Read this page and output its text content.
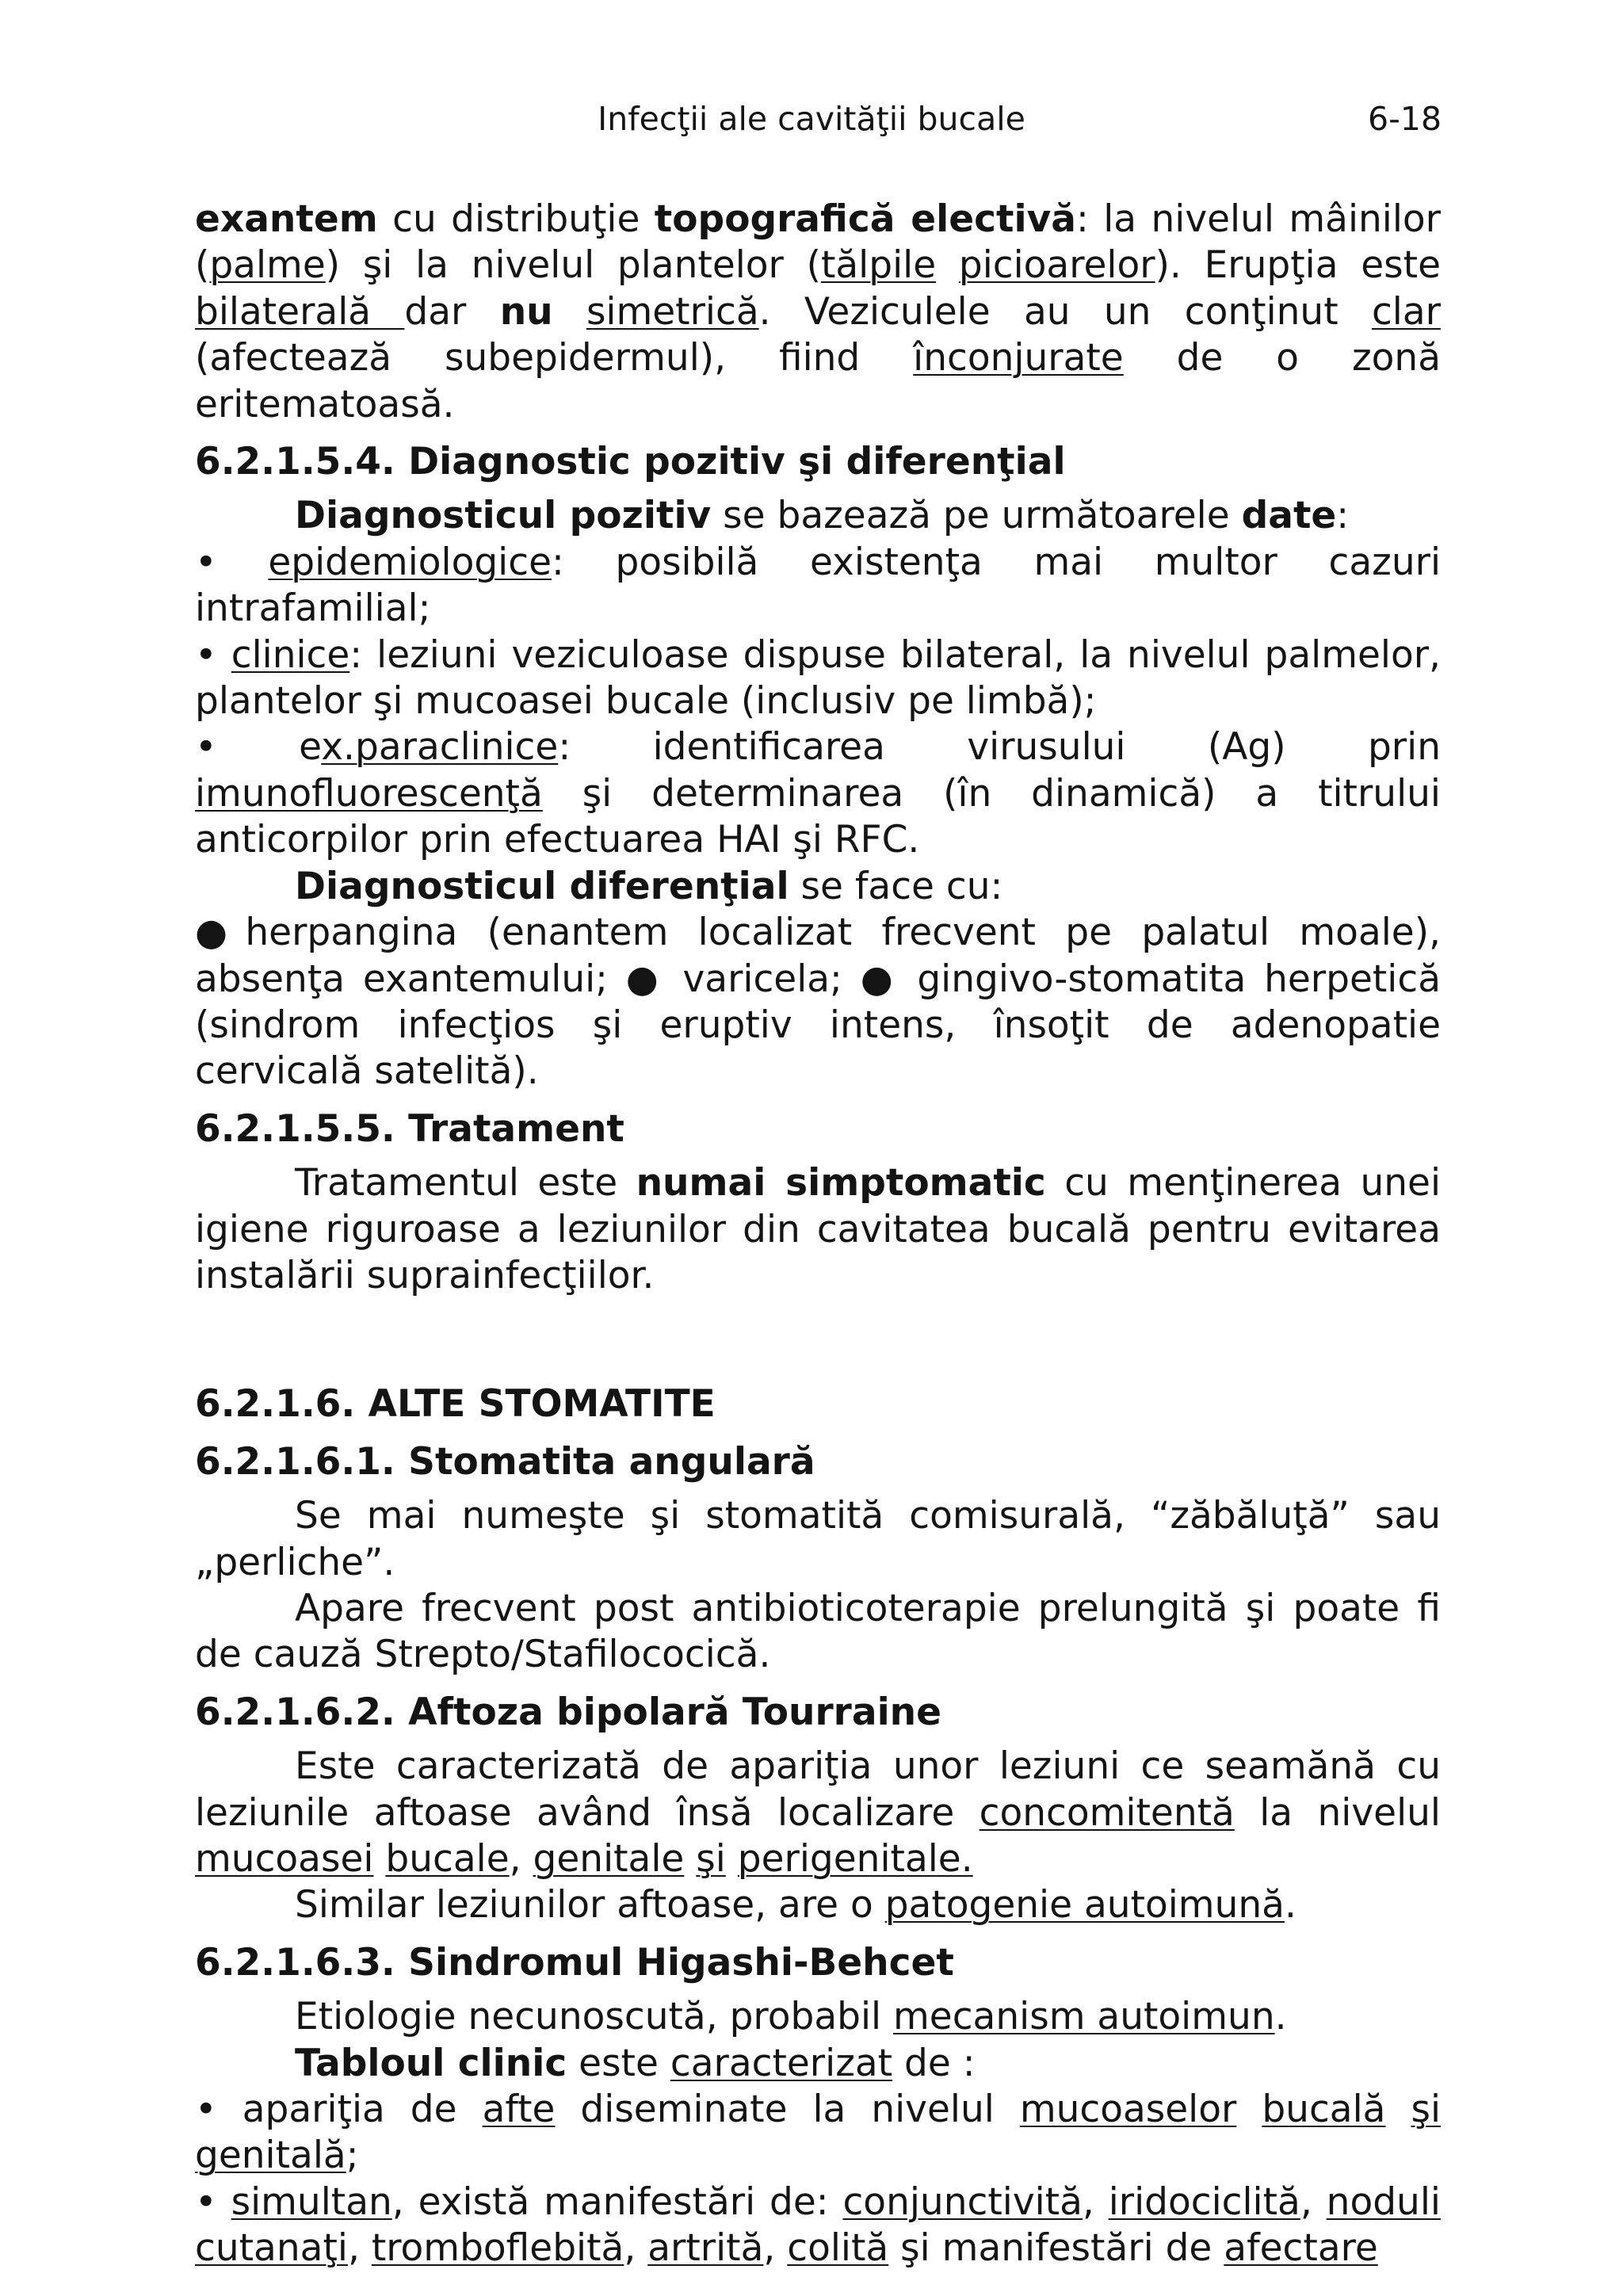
Infecţii ale cavităţii bucale	6-18

exantem cu distribuţie topografică electivă: la nivelul mâinilor (palme) şi la nivelul plantelor (tălpile picioarelor). Erupţia este bilaterală dar nu simetrică. Veziculele au un conţinut clar (afectează subepidermul), fiind înconjurate de o zonă eritematoasă.

6.2.1.5.4. Diagnostic pozitiv şi diferenţial

Diagnosticul pozitiv se bazează pe următoarele date:

• epidemiologice: posibilă existenţa mai multor cazuri intrafamilial;

• clinice: leziuni veziculoase dispuse bilateral, la nivelul palmelor, plantelor şi mucoasei bucale (inclusiv pe limbă);

• ex.paraclinice: identificarea virusului (Ag) prin imunofluorescenţă şi determinarea (în dinamică) a titrului anticorpilor prin efectuarea HAI şi RFC.

Diagnosticul diferenţial se face cu:

●herpangina (enantem localizat frecvent pe palatul moale), absenţa exantemului; ● varicela; ● gingivo-stomatita herpetică (sindrom infecţios şi eruptiv intens, însoţit de adenopatie cervicală satelită).

6.2.1.5.5. Tratament

Tratamentul este numai simptomatic cu menţinerea unei igiene riguroase a leziunilor din cavitatea bucală pentru evitarea instalării suprainfecţiilor.

6.2.1.6. ALTE STOMATITE

6.2.1.6.1. Stomatita angulară

Se mai numeşte şi stomatită comisurală, “zăbăluţă” sau „perliche”.

Apare frecvent post antibioticoterapie prelungită şi poate fi de cauză Strepto/Stafilococică.

6.2.1.6.2. Aftoza bipolară Tourraine

Este caracterizată de apariţia unor leziuni ce seamănă cu leziunile aftoase având însă localizare concomitentă la nivelul mucoasei bucale, genitale şi perigenitale.

Similar leziunilor aftoase, are o patogenie autoimună.

6.2.1.6.3. Sindromul Higashi-Behcet

Etiologie necunoscută, probabil mecanism autoimun.

Tabloul clinic este caracterizat de :

• apariţia de afte diseminate la nivelul mucoaselor bucală şi genitală;

• simultan, există manifestări de: conjunctivită, iridociclită, noduli cutanaţi, tromboflebită, artrită, colită şi manifestări de afectare
